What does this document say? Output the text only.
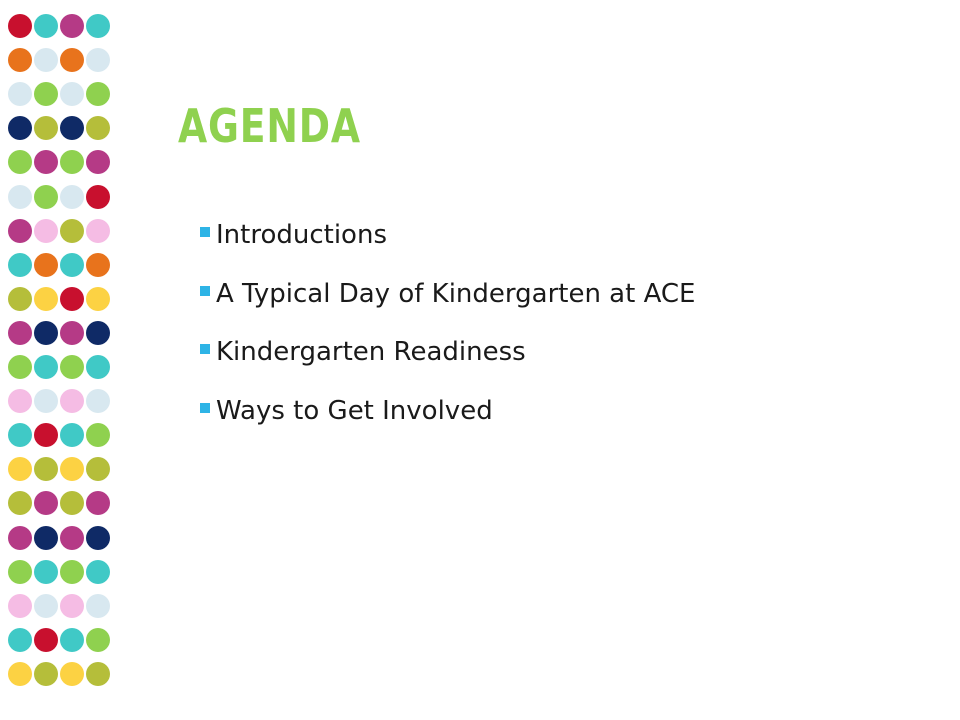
AGENDA
Introductions
A Typical Day of Kindergarten at ACE
Kindergarten Readiness
Ways to Get Involved
